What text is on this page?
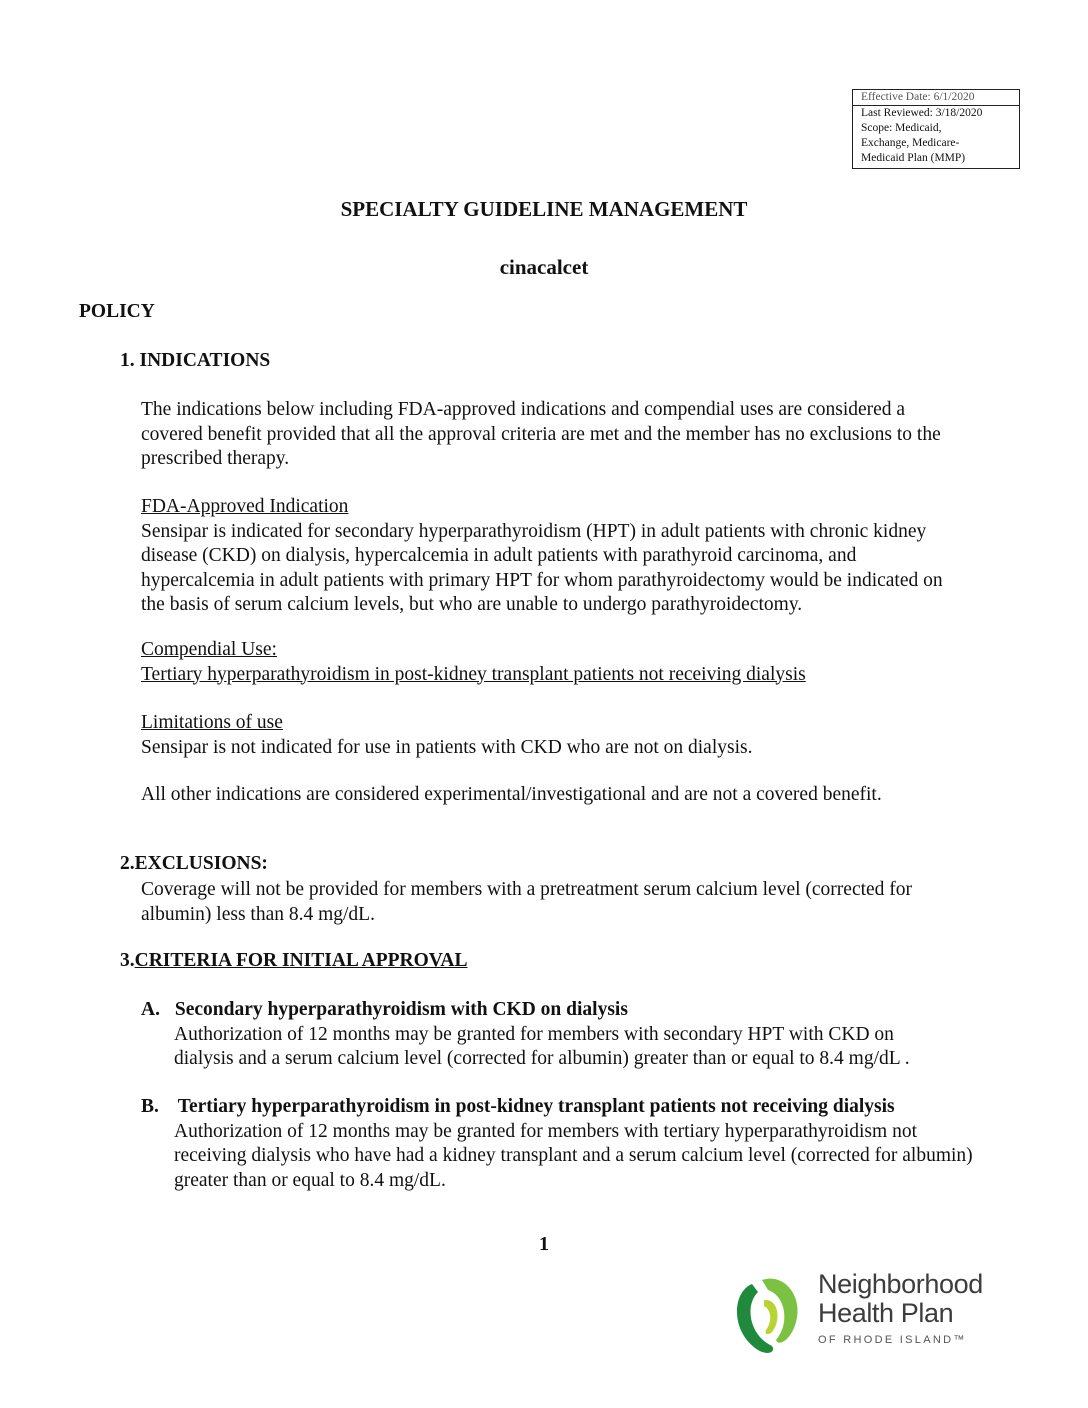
Effective Date: 6/1/2020
Last Reviewed: 3/18/2020
Scope: Medicaid,
Exchange, Medicare-
Medicaid Plan (MMP)
SPECIALTY GUIDELINE MANAGEMENT
cinacalcet
POLICY
1. INDICATIONS
The indications below including FDA-approved indications and compendial uses are considered a
covered benefit provided that all the approval criteria are met and the member has no exclusions to the
prescribed therapy.
FDA-Approved Indication
Sensipar is indicated for secondary hyperparathyroidism (HPT) in adult patients with chronic kidney
disease (CKD) on dialysis, hypercalcemia in adult patients with parathyroid carcinoma, and
hypercalcemia in adult patients with primary HPT for whom parathyroidectomy would be indicated on
the basis of serum calcium levels, but who are unable to undergo parathyroidectomy.
Compendial Use:
Tertiary hyperparathyroidism in post-kidney transplant patients not receiving dialysis
Limitations of use
Sensipar is not indicated for use in patients with CKD who are not on dialysis.
All other indications are considered experimental/investigational and are not a covered benefit.
2.EXCLUSIONS:
Coverage will not be provided for members with a pretreatment serum calcium level (corrected for
albumin) less than 8.4 mg/dL.
3.CRITERIA FOR INITIAL APPROVAL
A. Secondary hyperparathyroidism with CKD on dialysis
Authorization of 12 months may be granted for members with secondary HPT with CKD on
dialysis and a serum calcium level (corrected for albumin) greater than or equal to 8.4 mg/dL .
B. Tertiary hyperparathyroidism in post-kidney transplant patients not receiving dialysis
Authorization of 12 months may be granted for members with tertiary hyperparathyroidism not
receiving dialysis who have had a kidney transplant and a serum calcium level (corrected for albumin)
greater than or equal to 8.4 mg/dL.
1
Neighborhood
Health Plan
OF RHODE ISLAND™
